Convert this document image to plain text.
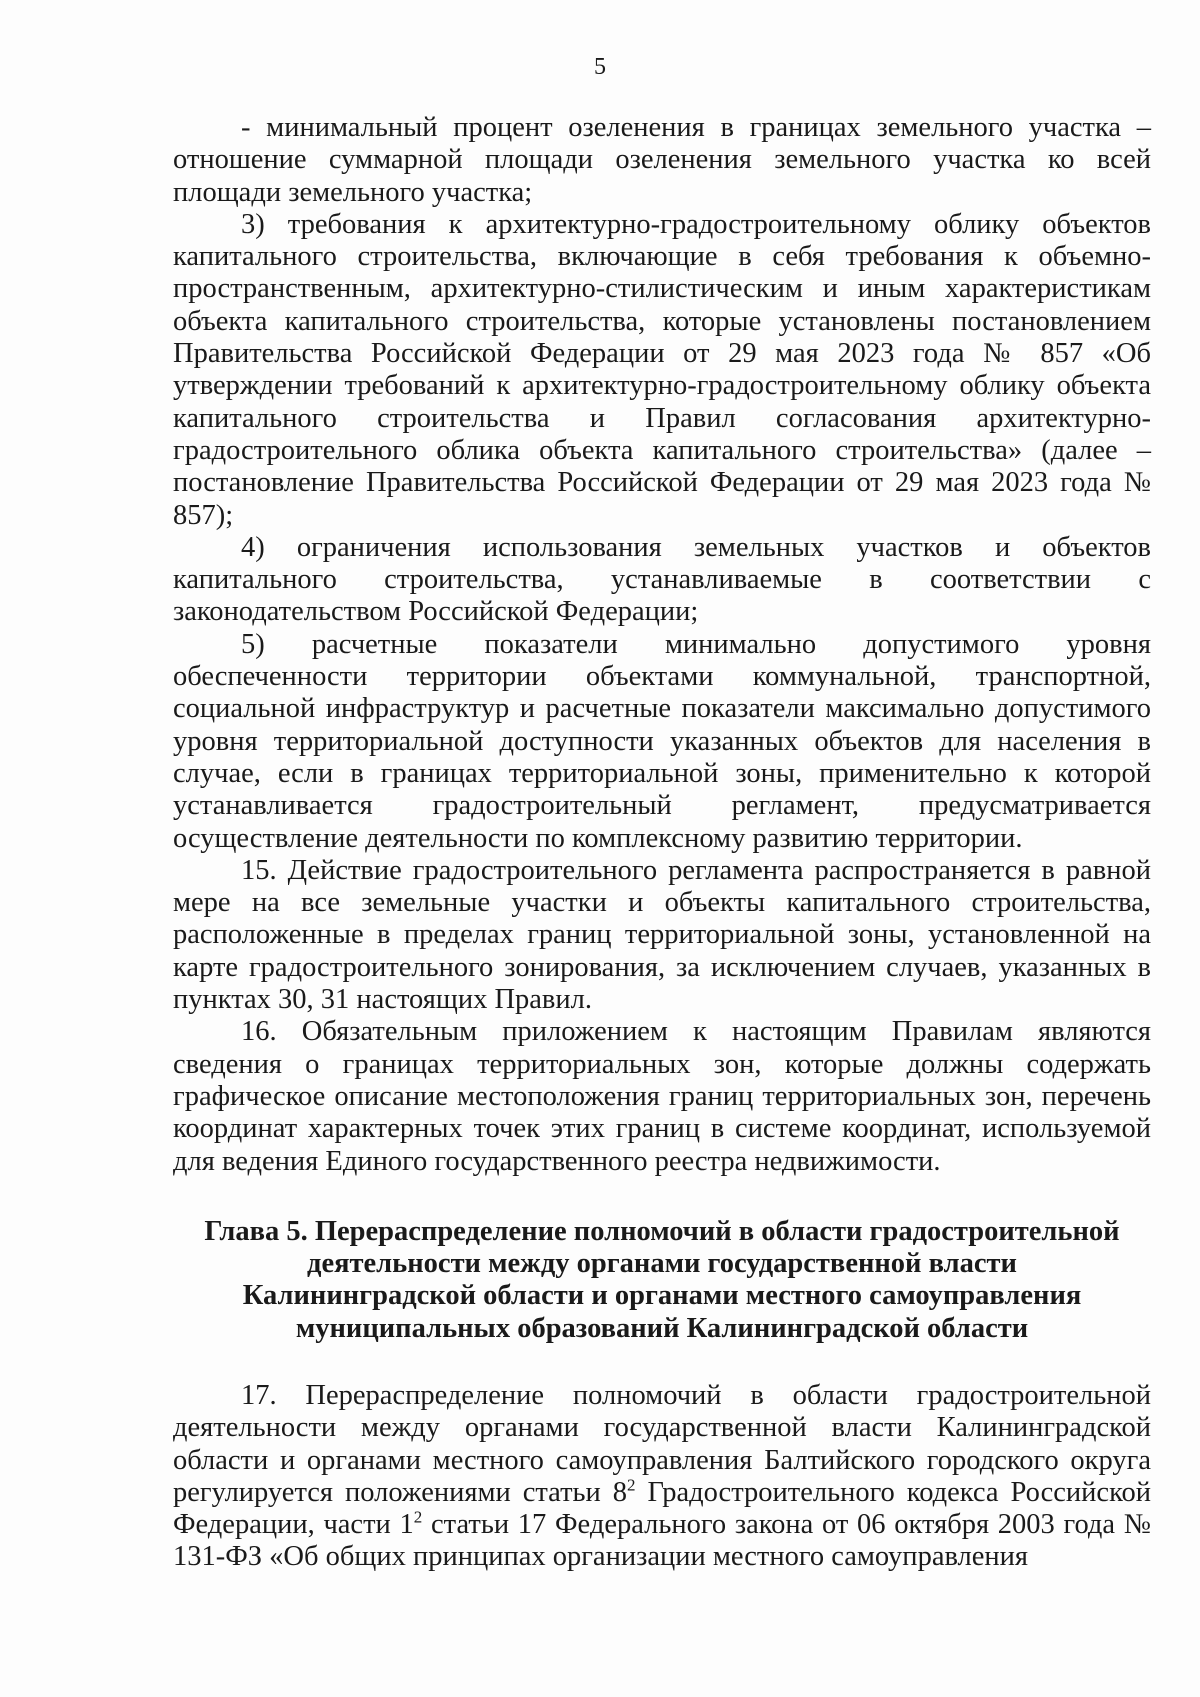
5

- минимальный процент озеленения в границах земельного участка – отношение суммарной площади озеленения земельного участка ко всей площади земельного участка;

3) требования к архитектурно-градостроительному облику объектов капитального строительства, включающие в себя требования к объемно-пространственным, архитектурно-стилистическим и иным характеристикам объекта капитального строительства, которые установлены постановлением Правительства Российской Федерации от 29 мая 2023 года № 857 «Об утверждении требований к архитектурно-градостроительному облику объекта капитального строительства и Правил согласования архитектурно-градостроительного облика объекта капитального строительства» (далее – постановление Правительства Российской Федерации от 29 мая 2023 года № 857);

4) ограничения использования земельных участков и объектов капитального строительства, устанавливаемые в соответствии с законодательством Российской Федерации;

5) расчетные показатели минимально допустимого уровня обеспеченности территории объектами коммунальной, транспортной, социальной инфраструктур и расчетные показатели максимально допустимого уровня территориальной доступности указанных объектов для населения в случае, если в границах территориальной зоны, применительно к которой устанавливается градостроительный регламент, предусматривается осуществление деятельности по комплексному развитию территории.

15. Действие градостроительного регламента распространяется в равной мере на все земельные участки и объекты капитального строительства, расположенные в пределах границ территориальной зоны, установленной на карте градостроительного зонирования, за исключением случаев, указанных в пунктах 30, 31 настоящих Правил.

16. Обязательным приложением к настоящим Правилам являются сведения о границах территориальных зон, которые должны содержать графическое описание местоположения границ территориальных зон, перечень координат характерных точек этих границ в системе координат, используемой для ведения Единого государственного реестра недвижимости.

Глава 5. Перераспределение полномочий в области градостроительной деятельности между органами государственной власти Калининградской области и органами местного самоуправления муниципальных образований Калининградской области

17. Перераспределение полномочий в области градостроительной деятельности между органами государственной власти Калининградской области и органами местного самоуправления Балтийского городского округа регулируется положениями статьи $8^2$ Градостроительного кодекса Российской Федерации, части $1^2$ статьи 17 Федерального закона от 06 октября 2003 года № 131-ФЗ «Об общих принципах организации местного самоуправления
